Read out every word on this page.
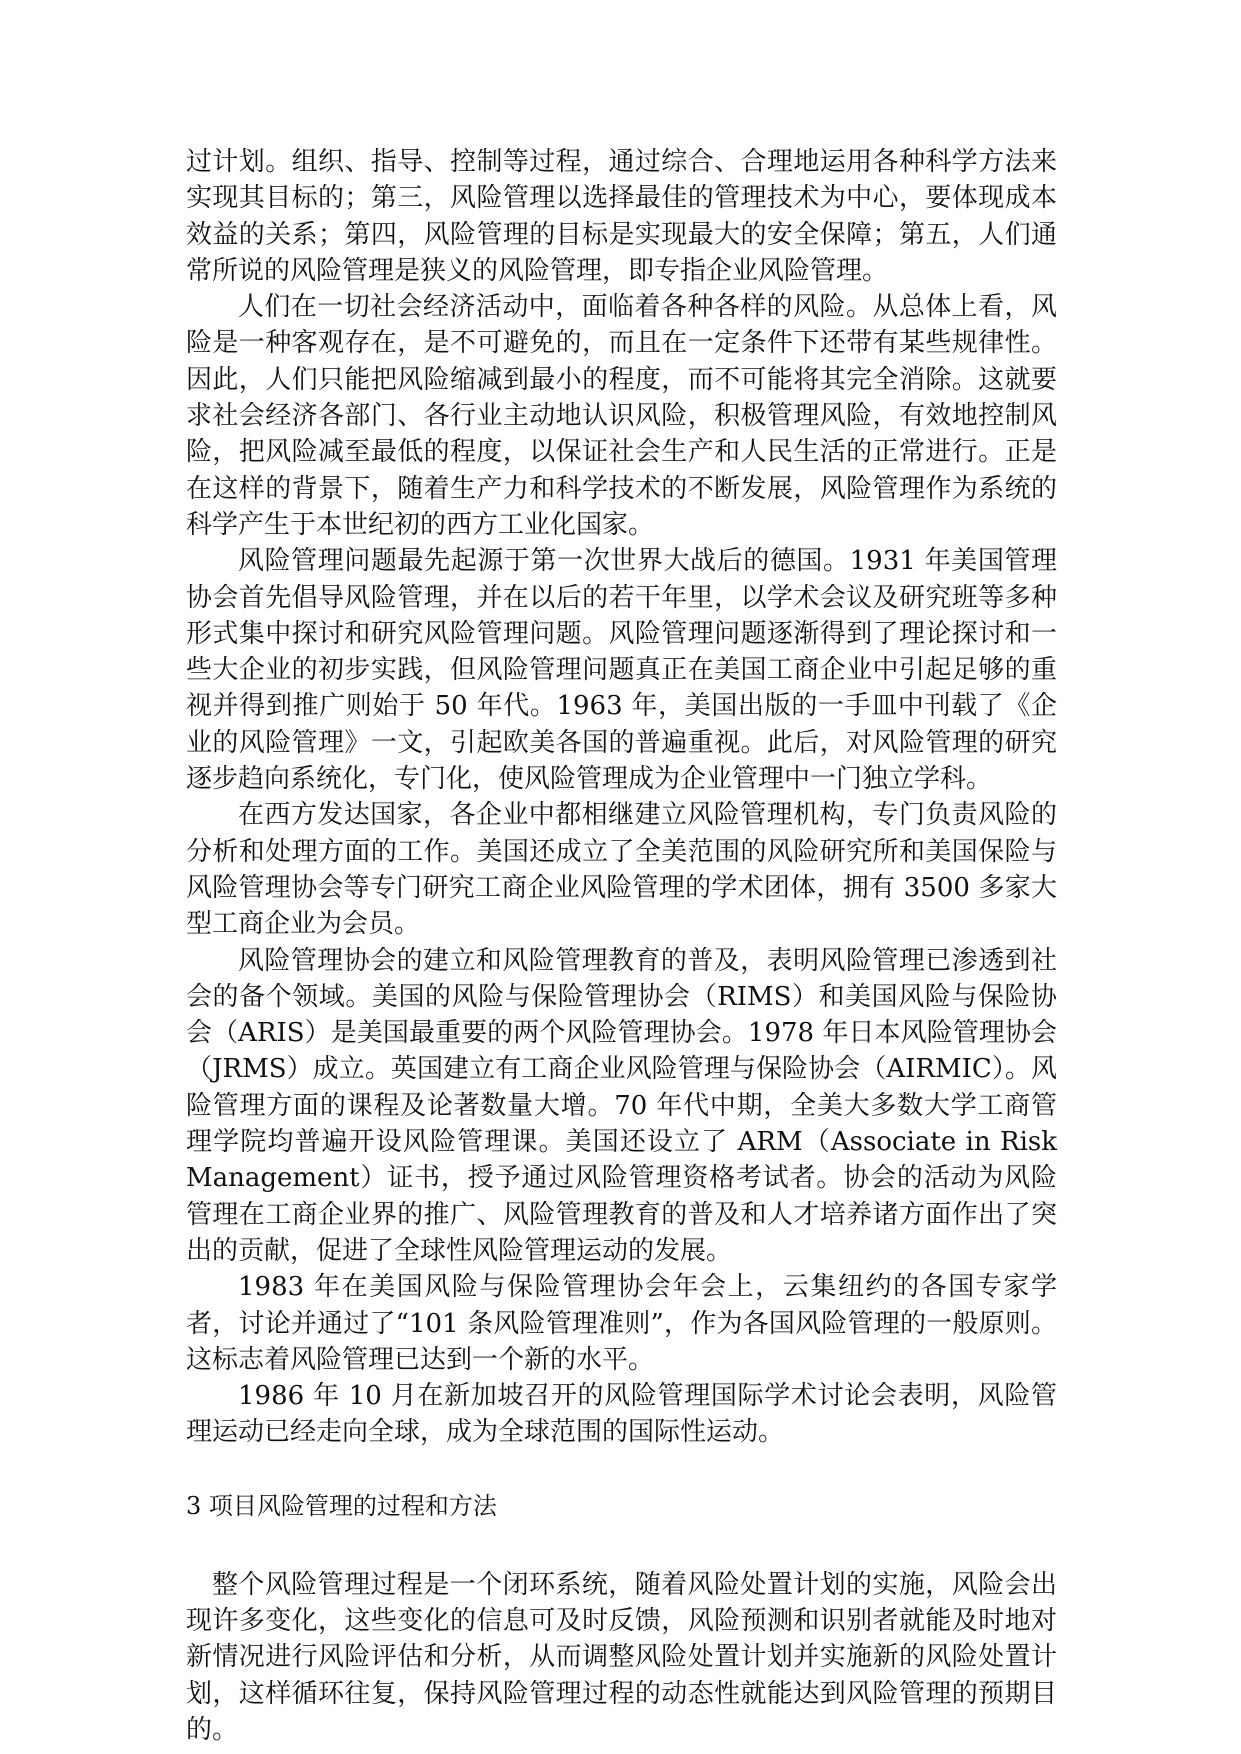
过计划。组织、指导、控制等过程，通过综合、合理地运用各种科学方法来实现其目标的；第三，风险管理以选择最佳的管理技术为中心，要体现成本效益的关系；第四，风险管理的目标是实现最大的安全保障；第五，人们通常所说的风险管理是狭义的风险管理，即专指企业风险管理。

人们在一切社会经济活动中，面临着各种各样的风险。从总体上看，风险是一种客观存在，是不可避免的，而且在一定条件下还带有某些规律性。因此，人们只能把风险缩减到最小的程度，而不可能将其完全消除。这就要求社会经济各部门、各行业主动地认识风险，积极管理风险，有效地控制风险，把风险减至最低的程度，以保证社会生产和人民生活的正常进行。正是在这样的背景下，随着生产力和科学技术的不断发展，风险管理作为系统的科学产生于本世纪初的西方工业化国家。

风险管理问题最先起源于第一次世界大战后的德国。1931 年美国管理协会首先倡导风险管理，并在以后的若干年里，以学术会议及研究班等多种形式集中探讨和研究风险管理问题。风险管理问题逐渐得到了理论探讨和一些大企业的初步实践，但风险管理问题真正在美国工商企业中引起足够的重视并得到推广则始于 50 年代。1963 年，美国出版的一手皿中刊载了《企业的风险管理》一文，引起欧美各国的普遍重视。此后，对风险管理的研究逐步趋向系统化，专门化，使风险管理成为企业管理中一门独立学科。

在西方发达国家，各企业中都相继建立风险管理机构，专门负责风险的分析和处理方面的工作。美国还成立了全美范围的风险研究所和美国保险与风险管理协会等专门研究工商企业风险管理的学术团体，拥有 3500 多家大型工商企业为会员。

风险管理协会的建立和风险管理教育的普及，表明风险管理已渗透到社会的备个领域。美国的风险与保险管理协会（RIMS）和美国风险与保险协会（ARIS）是美国最重要的两个风险管理协会。1978 年日本风险管理协会（JRMS）成立。英国建立有工商企业风险管理与保险协会（AIRMIC）。风险管理方面的课程及论著数量大增。70 年代中期，全美大多数大学工商管理学院均普遍开设风险管理课。美国还设立了 ARM（Associate in Risk Management）证书，授予通过风险管理资格考试者。协会的活动为风险管理在工商企业界的推广、风险管理教育的普及和人才培养诸方面作出了突出的贡献，促进了全球性风险管理运动的发展。

1983 年在美国风险与保险管理协会年会上，云集纽约的各国专家学者，讨论并通过了“101 条风险管理准则”，作为各国风险管理的一般原则。这标志着风险管理已达到一个新的水平。

1986 年 10 月在新加坡召开的风险管理国际学术讨论会表明，风险管理运动已经走向全球，成为全球范围的国际性运动。

3 项目风险管理的过程和方法

整个风险管理过程是一个闭环系统，随着风险处置计划的实施，风险会出现许多变化，这些变化的信息可及时反馈，风险预测和识别者就能及时地对新情况进行风险评估和分析，从而调整风险处置计划并实施新的风险处置计划，这样循环往复，保持风险管理过程的动态性就能达到风险管理的预期目的。
